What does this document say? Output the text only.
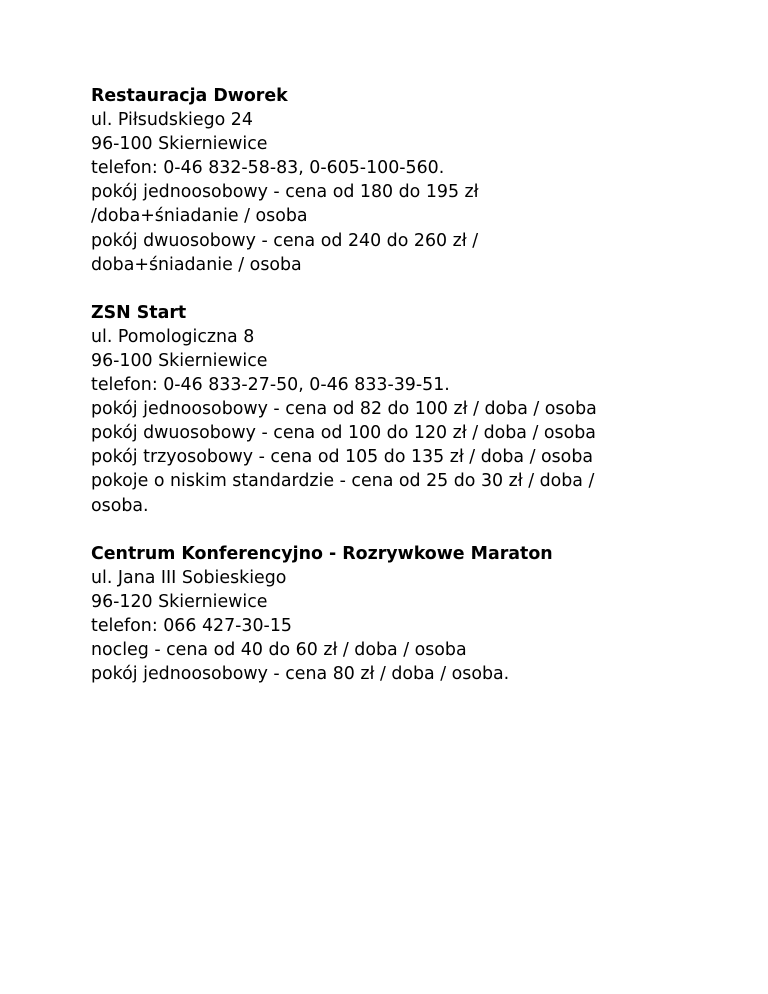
Restauracja Dworek
ul. Piłsudskiego 24
96-100 Skierniewice
telefon: 0-46 832-58-83, 0-605-100-560.
pokój jednoosobowy - cena od 180 do 195 zł
/doba+śniadanie / osoba
pokój dwuosobowy - cena od 240 do 260 zł /
doba+śniadanie / osoba
ZSN Start
ul. Pomologiczna 8
96-100 Skierniewice
telefon: 0-46 833-27-50, 0-46 833-39-51.
pokój jednoosobowy - cena od 82 do 100 zł / doba / osoba
pokój dwuosobowy - cena od 100 do 120 zł / doba / osoba
pokój trzyosobowy - cena od 105 do 135 zł / doba / osoba
pokoje o niskim standardzie - cena od 25 do 30 zł / doba /
osoba.
Centrum Konferencyjno - Rozrywkowe Maraton
ul. Jana III Sobieskiego
96-120 Skierniewice
telefon: 066 427-30-15
nocleg - cena od 40 do 60 zł / doba / osoba
pokój jednoosobowy - cena 80 zł / doba / osoba.
